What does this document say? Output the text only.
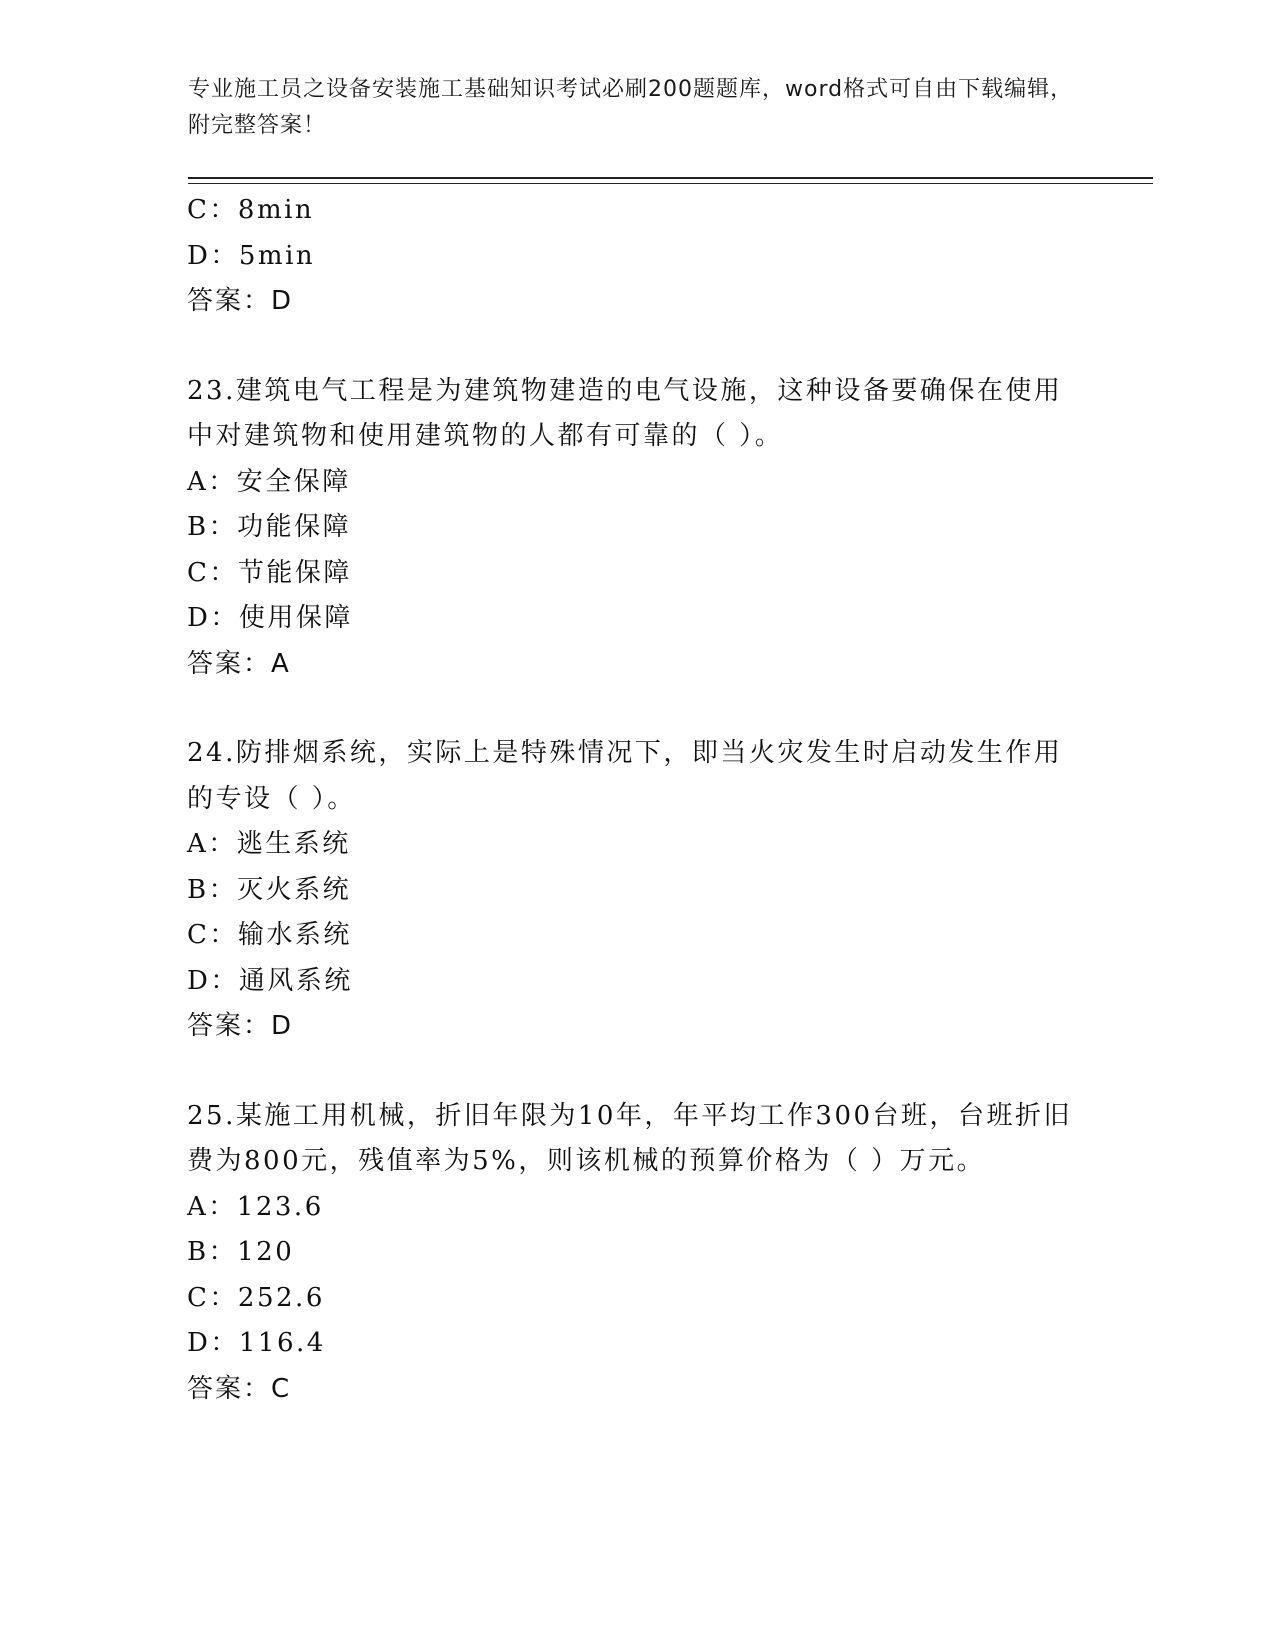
专业施工员之设备安装施工基础知识考试必刷200题题库，word格式可自由下载编辑，附完整答案！
C：8min
D：5min
答案：D
23.建筑电气工程是为建筑物建造的电气设施，这种设备要确保在使用中对建筑物和使用建筑物的人都有可靠的（ ）。
A：安全保障
B：功能保障
C：节能保障
D：使用保障
答案：A
24.防排烟系统，实际上是特殊情况下，即当火灾发生时启动发生作用的专设（ ）。
A：逃生系统
B：灭火系统
C：输水系统
D：通风系统
答案：D
25.某施工用机械，折旧年限为10年，年平均工作300台班，台班折旧费为800元，残值率为5%，则该机械的预算价格为（ ）万元。
A：123.6
B：120
C：252.6
D：116.4
答案：C
